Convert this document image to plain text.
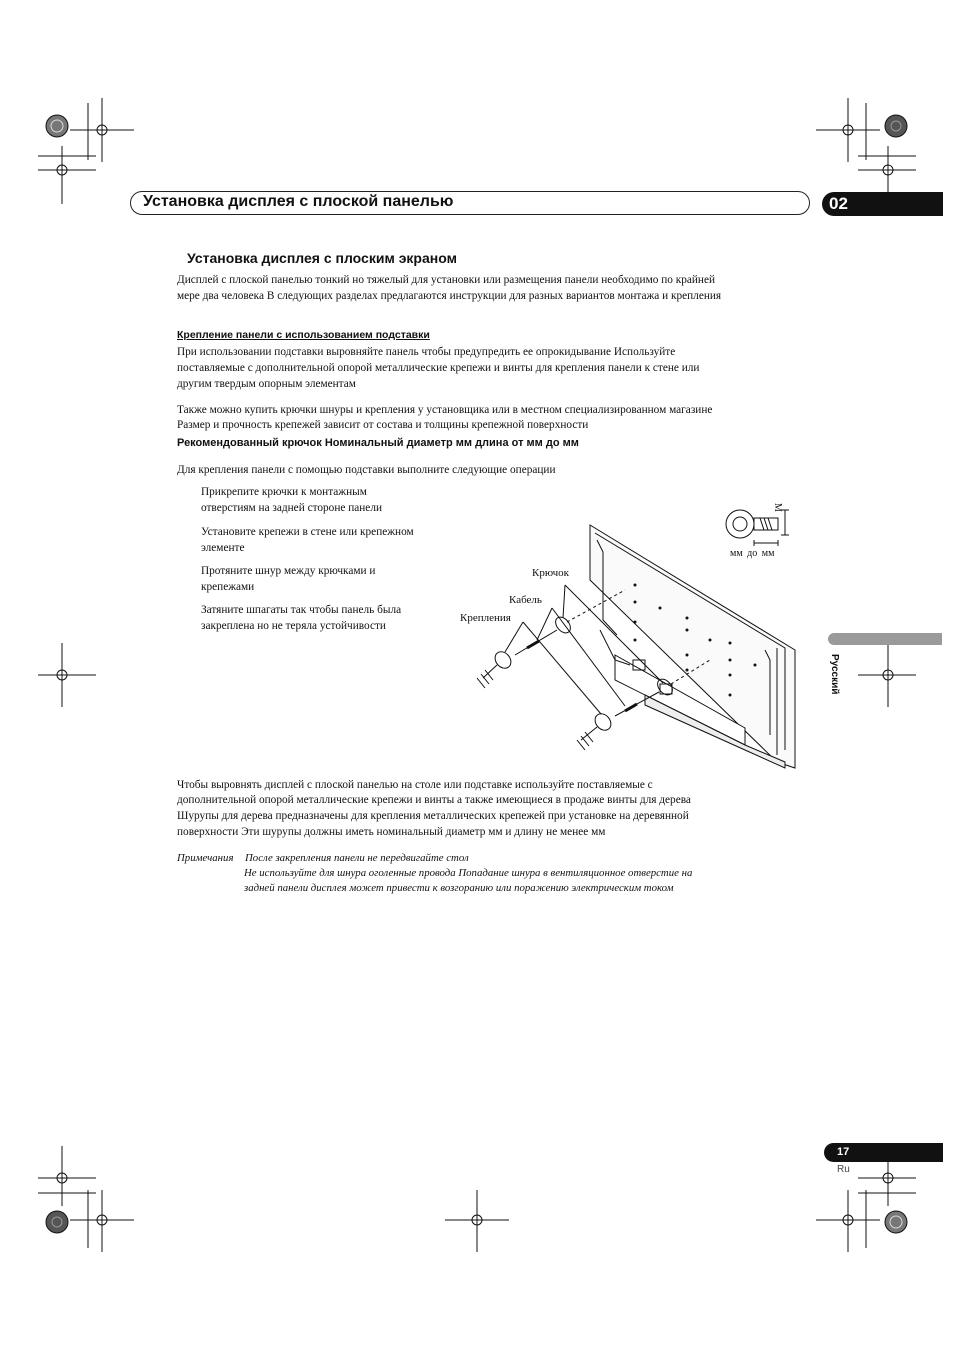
Установка дисплея с плоской панелью	02
Русский
Установка дисплея с плоским экраном
Дисплей с плоской панелью тонкий но тяжелый для установки или размещения панели необходимо по крайней
мере два человека В следующих разделах предлагаются инструкции для разных вариантов монтажа и крепления
Крепление панели с использованием подставки
При использовании подставки выровняйте панель чтобы предупредить ее опрокидывание Используйте
поставляемые с дополнительной опорой металлические крепежи и винты для крепления панели к стене или
другим твердым опорным элементам
Также можно купить крючки шнуры и крепления у установщика или в местном специализированном магазине
Размер и прочность крепежей зависит от состава и толщины крепежной поверхности
Рекомендованный крючок Номинальный диаметр мм длина от мм до мм
Для крепления панели с помощью подставки выполните следующие операции
Прикрепите крючки к монтажным
отверстиям на задней стороне панели
Установите крепежи в стене или крепежном
элементе
Протяните шнур между крючками и
крепежами
Затяните шпагаты так чтобы панель была
закреплена но не теряла устойчивости
Крючок
Кабель
Крепления
M
мм до мм
Чтобы выровнять дисплей с плоской панелью на столе или подставке используйте поставляемые с
дополнительной опорой металлические крепежи и винты а также имеющиеся в продаже винты для дерева
Шурупы для дерева предназначены для крепления металлических крепежей при установке на деревянной
поверхности Эти шурупы должны иметь номинальный диаметр мм и длину не менее мм
Примечания После закрепления панели не передвигайте стол
Не используйте для шнура оголенные провода Попадание шнура в вентиляционное отверстие на
задней панели дисплея может привести к возгоранию или поражению электрическим током
17
Ru
